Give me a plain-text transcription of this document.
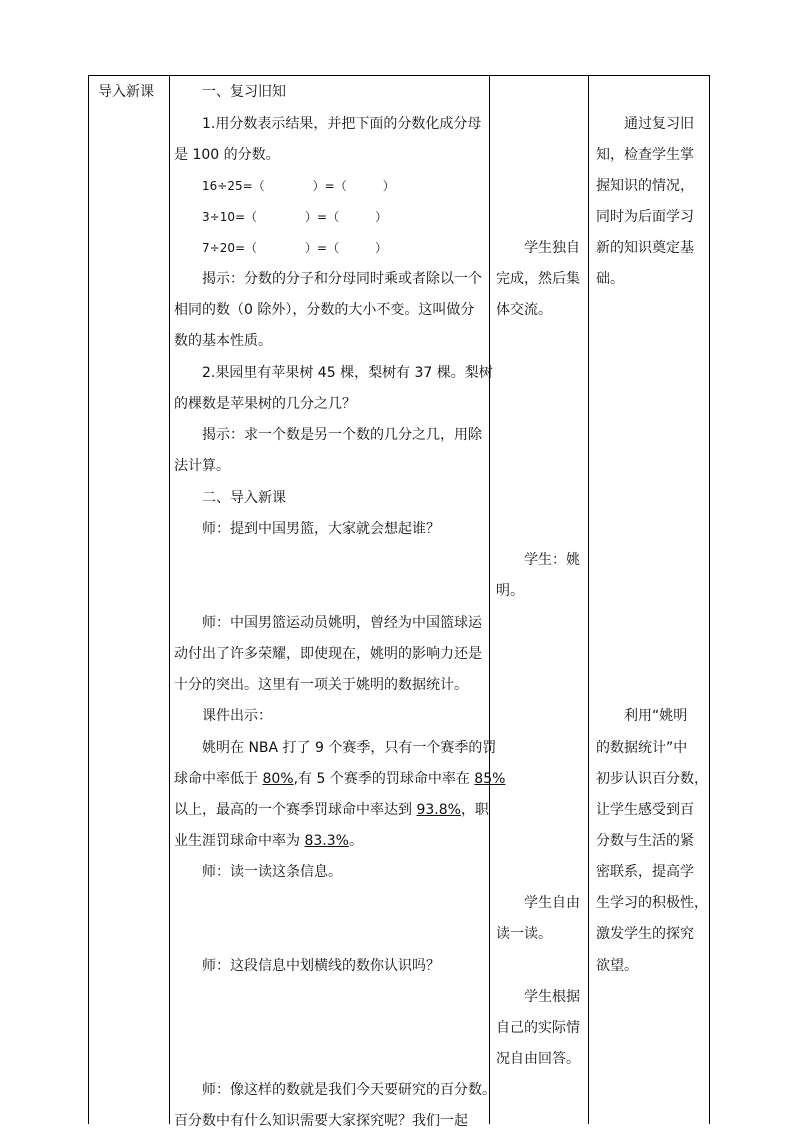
导入新课	一、复习旧知
1.用分数表示结果，并把下面的分数化成分母
是 100 的分数。
16÷25=（　　　　）=（　　　）
3÷10=（　　　　）=（　　　）
7÷20=（　　　　）=（　　　）
揭示：分数的分子和分母同时乘或者除以一个
相同的数（0 除外），分数的大小不变。这叫做分
数的基本性质。
2.果园里有苹果树 45 棵，梨树有 37 棵。梨树
的棵数是苹果树的几分之几？
揭示：求一个数是另一个数的几分之几，用除
法计算。
二、导入新课
师：提到中国男篮，大家就会想起谁？
师：中国男篮运动员姚明，曾经为中国篮球运
动付出了许多荣耀，即使现在，姚明的影响力还是
十分的突出。这里有一项关于姚明的数据统计。
课件出示：
姚明在 NBA 打了 9 个赛季，只有一个赛季的罚
球命中率低于 80%,有 5 个赛季的罚球命中率在 85%
以上，最高的一个赛季罚球命中率达到 93.8%，职
业生涯罚球命中率为 83.3%。
师：读一读这条信息。
师：这段信息中划横线的数你认识吗？
师：像这样的数就是我们今天要研究的百分数。
百分数中有什么知识需要大家探究呢？我们一起
学生独自
完成，然后集
体交流。
学生：姚
明。
学生自由
读一读。
学生根据
自己的实际情
况自由回答。
通过复习旧
知，检查学生掌
握知识的情况，
同时为后面学习
新的知识奠定基
础。
利用“姚明
的数据统计”中
初步认识百分数，
让学生感受到百
分数与生活的紧
密联系，提高学
生学习的积极性，
激发学生的探究
欲望。
